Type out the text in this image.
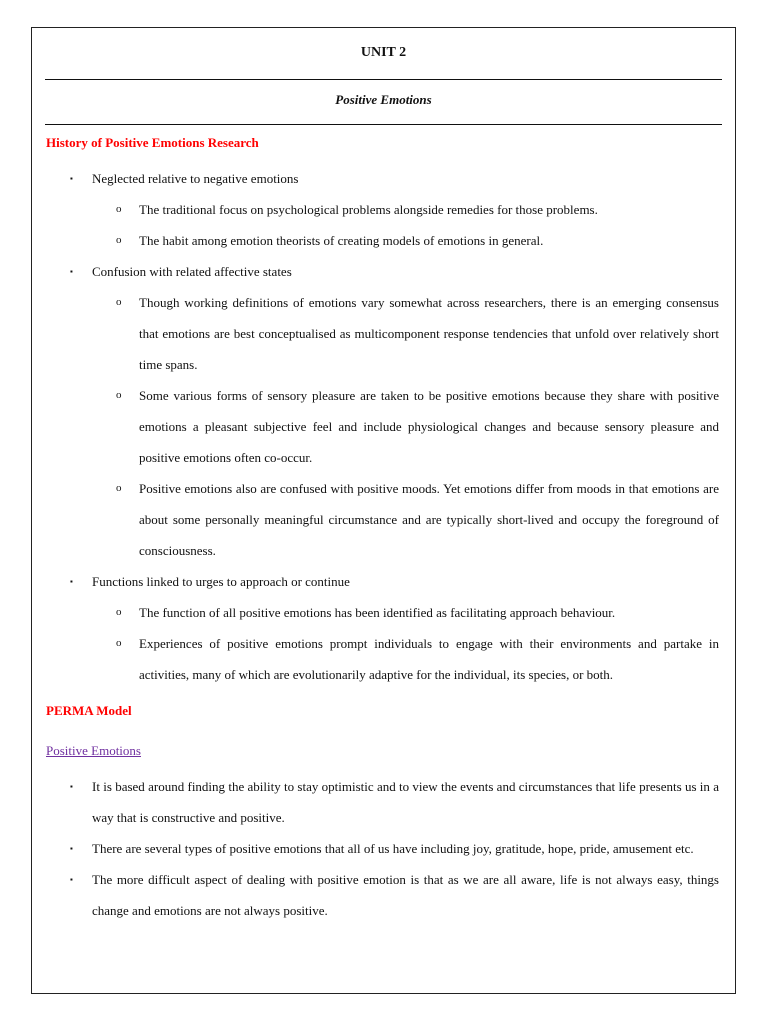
UNIT 2
Positive Emotions

History of Positive Emotions Research

▪ Neglected relative to negative emotions
o The traditional focus on psychological problems alongside remedies for those problems.
o The habit among emotion theorists of creating models of emotions in general.
▪ Confusion with related affective states
o Though working definitions of emotions vary somewhat across researchers, there is an emerging consensus that emotions are best conceptualised as multicomponent response tendencies that unfold over relatively short time spans.
o Some various forms of sensory pleasure are taken to be positive emotions because they share with positive emotions a pleasant subjective feel and include physiological changes and because sensory pleasure and positive emotions often co-occur.
o Positive emotions also are confused with positive moods. Yet emotions differ from moods in that emotions are about some personally meaningful circumstance and are typically short-lived and occupy the foreground of consciousness.
▪ Functions linked to urges to approach or continue
o The function of all positive emotions has been identified as facilitating approach behaviour.
o Experiences of positive emotions prompt individuals to engage with their environments and partake in activities, many of which are evolutionarily adaptive for the individual, its species, or both.

PERMA Model

Positive Emotions

▪ It is based around finding the ability to stay optimistic and to view the events and circumstances that life presents us in a way that is constructive and positive.
▪ There are several types of positive emotions that all of us have including joy, gratitude, hope, pride, amusement etc.
▪ The more difficult aspect of dealing with positive emotion is that as we are all aware, life is not always easy, things change and emotions are not always positive.
